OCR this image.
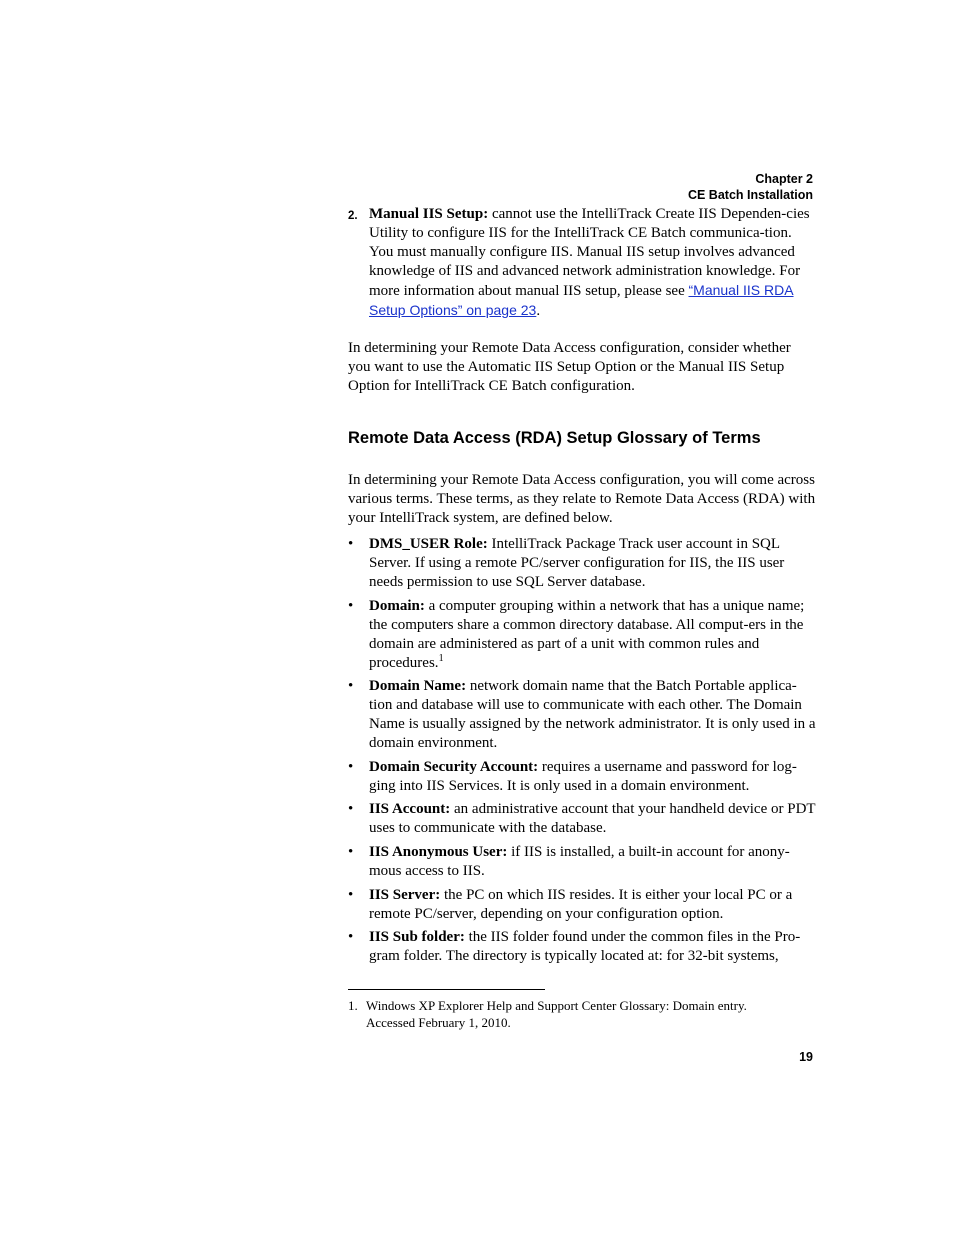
Chapter 2
CE Batch Installation
2. Manual IIS Setup: cannot use the IntelliTrack Create IIS Dependen-cies Utility to configure IIS for the IntelliTrack CE Batch communica-tion. You must manually configure IIS. Manual IIS setup involves advanced knowledge of IIS and advanced network administration knowledge. For more information about manual IIS setup, please see “Manual IIS RDA Setup Options” on page 23.

In determining your Remote Data Access configuration, consider whether you want to use the Automatic IIS Setup Option or the Manual IIS Setup Option for IntelliTrack CE Batch configuration.

Remote Data Access (RDA) Setup Glossary of Terms

In determining your Remote Data Access configuration, you will come across various terms. These terms, as they relate to Remote Data Access (RDA) with your IntelliTrack system, are defined below.

• DMS_USER Role: IntelliTrack Package Track user account in SQL Server. If using a remote PC/server configuration for IIS, the IIS user needs permission to use SQL Server database.
• Domain: a computer grouping within a network that has a unique name; the computers share a common directory database. All comput-ers in the domain are administered as part of a unit with common rules and procedures.$^1$
• Domain Name: network domain name that the Batch Portable applica-tion and database will use to communicate with each other. The Domain Name is usually assigned by the network administrator. It is only used in a domain environment.
• Domain Security Account: requires a username and password for log-ging into IIS Services. It is only used in a domain environment.
• IIS Account: an administrative account that your handheld device or PDT uses to communicate with the database.
• IIS Anonymous User: if IIS is installed, a built-in account for anony-mous access to IIS.
• IIS Server: the PC on which IIS resides. It is either your local PC or a remote PC/server, depending on your configuration option.
• IIS Sub folder: the IIS folder found under the common files in the Pro-gram folder. The directory is typically located at: for 32-bit systems,
1. Windows XP Explorer Help and Support Center Glossary: Domain entry. Accessed February 1, 2010.
19
